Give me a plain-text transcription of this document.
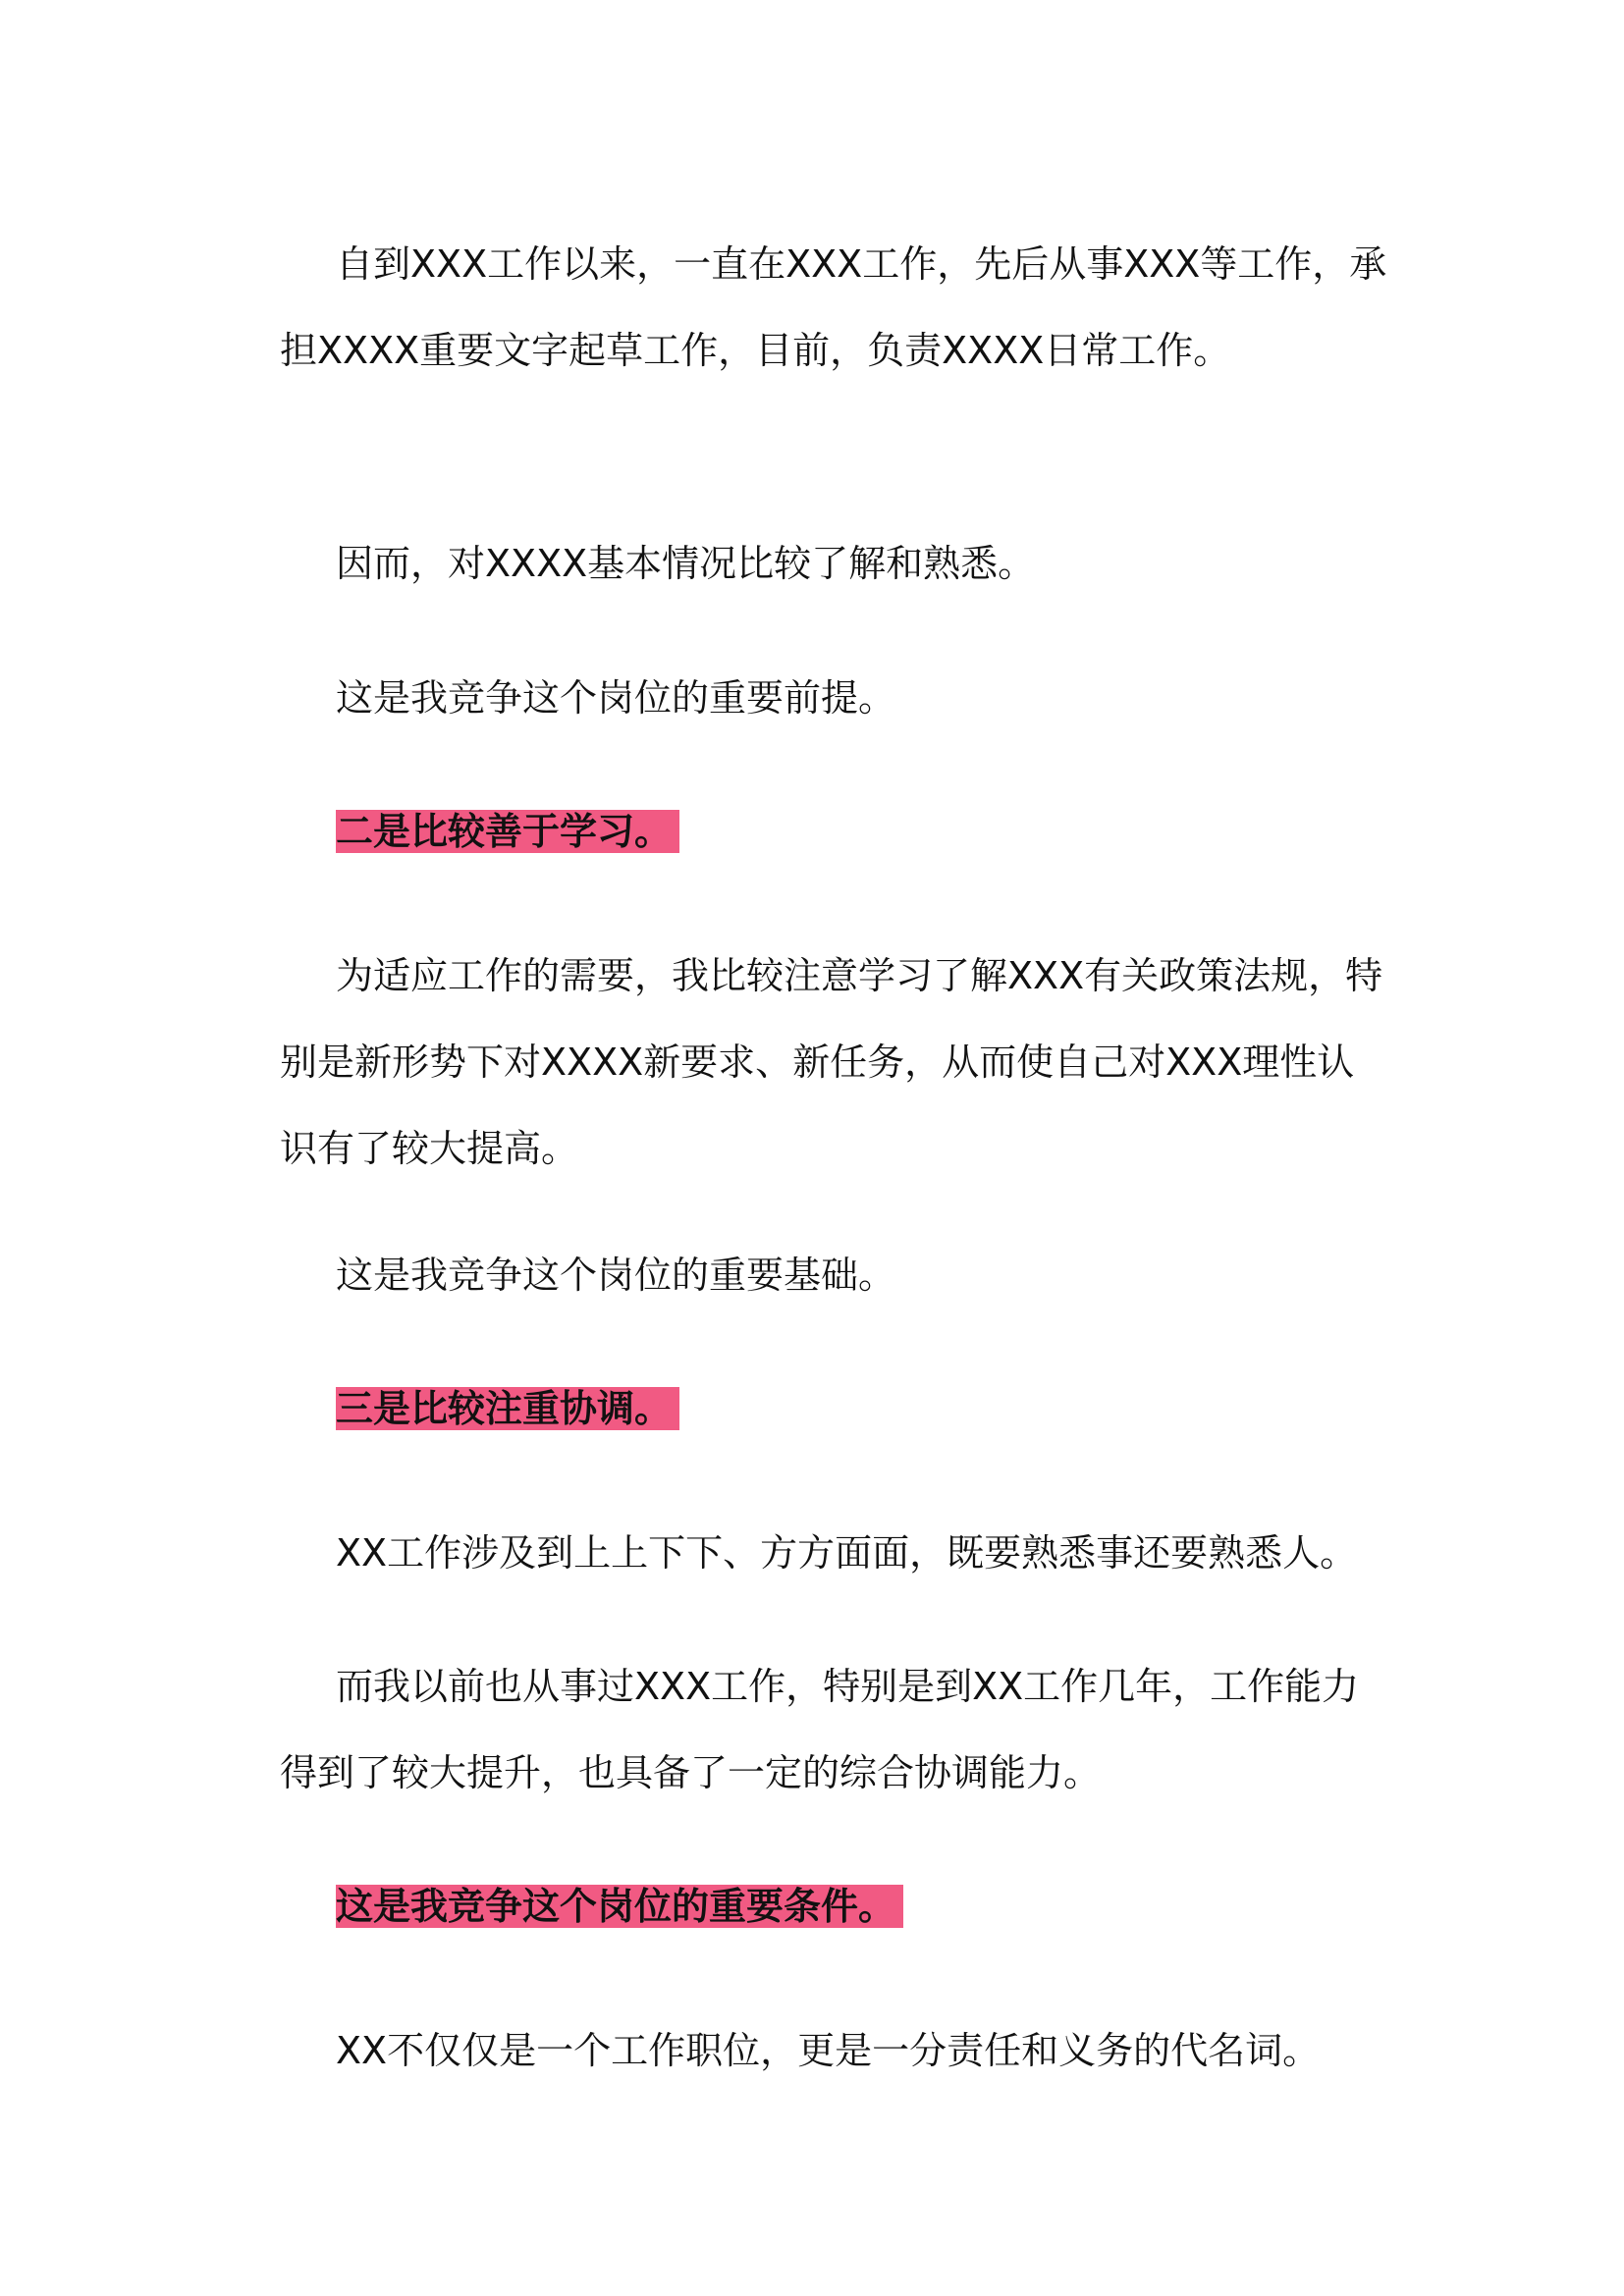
自到XXX工作以来，一直在XXX工作，先后从事XXX等工作，承担XXXX重要文字起草工作，目前，负责XXXX日常工作。

因而，对XXXX基本情况比较了解和熟悉。

这是我竞争这个岗位的重要前提。

二是比较善于学习。

为适应工作的需要，我比较注意学习了解XXX有关政策法规，特别是新形势下对XXXX新要求、新任务，从而使自己对XXX理性认识有了较大提高。

这是我竞争这个岗位的重要基础。

三是比较注重协调。

XX工作涉及到上上下下、方方面面，既要熟悉事还要熟悉人。

而我以前也从事过XXX工作，特别是到XX工作几年，工作能力得到了较大提升，也具备了一定的综合协调能力。

这是我竞争这个岗位的重要条件。

XX不仅仅是一个工作职位，更是一分责任和义务的代名词。
